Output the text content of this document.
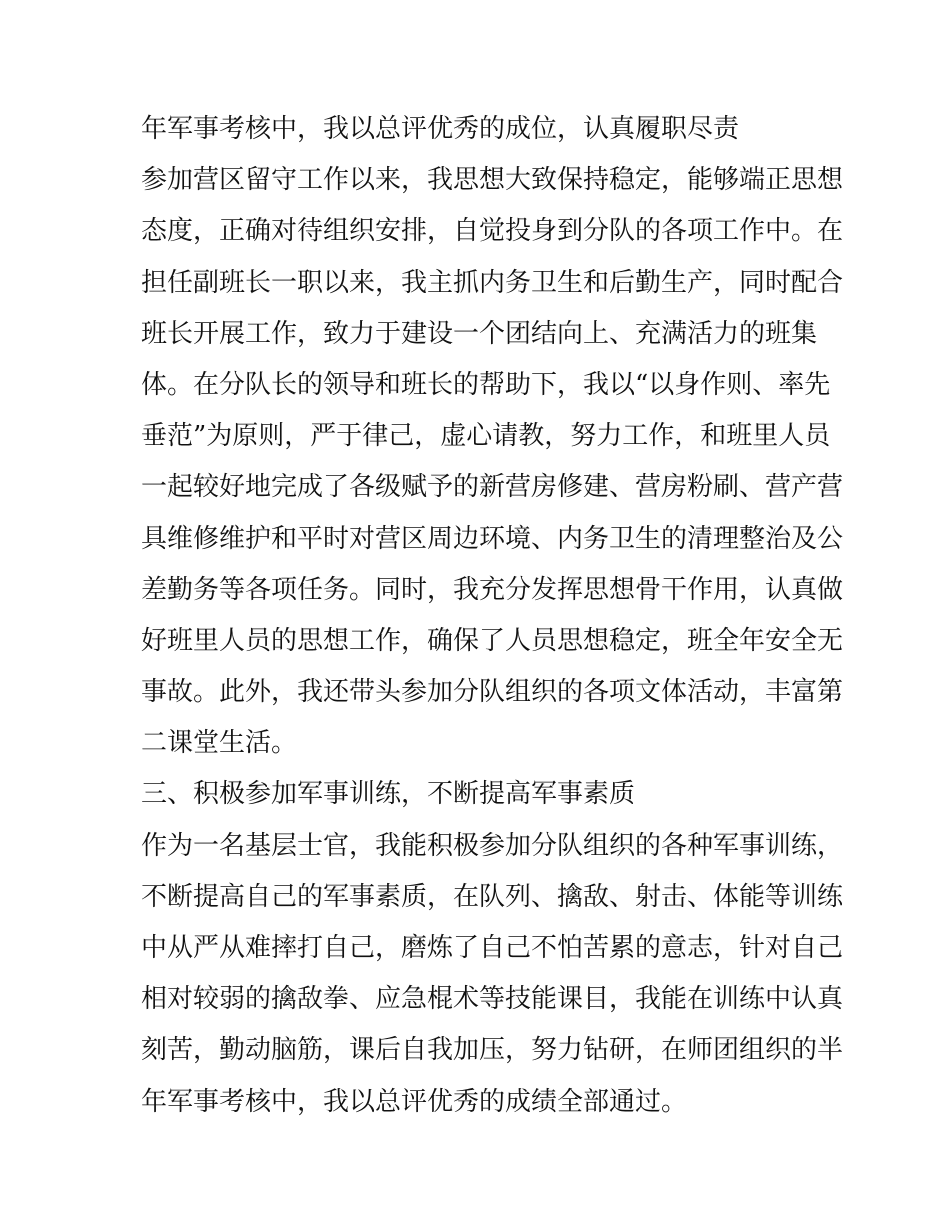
年军事考核中，我以总评优秀的成位，认真履职尽责

参加营区留守工作以来，我思想大致保持稳定，能够端正思想

态度，正确对待组织安排，自觉投身到分队的各项工作中。在

担任副班长一职以来，我主抓内务卫生和后勤生产，同时配合

班长开展工作，致力于建设一个团结向上、充满活力的班集

体。在分队长的领导和班长的帮助下，我以“以身作则、率先

垂范”为原则，严于律己，虚心请教，努力工作，和班里人员

一起较好地完成了各级赋予的新营房修建、营房粉刷、营产营

具维修维护和平时对营区周边环境、内务卫生的清理整治及公

差勤务等各项任务。同时，我充分发挥思想骨干作用，认真做

好班里人员的思想工作，确保了人员思想稳定，班全年安全无

事故。此外，我还带头参加分队组织的各项文体活动，丰富第

二课堂生活。

三、积极参加军事训练，不断提高军事素质

作为一名基层士官，我能积极参加分队组织的各种军事训练，

不断提高自己的军事素质，在队列、擒敌、射击、体能等训练

中从严从难摔打自己，磨炼了自己不怕苦累的意志，针对自己

相对较弱的擒敌拳、应急棍术等技能课目，我能在训练中认真

刻苦，勤动脑筋，课后自我加压，努力钻研，在师团组织的半

年军事考核中，我以总评优秀的成绩全部通过。
